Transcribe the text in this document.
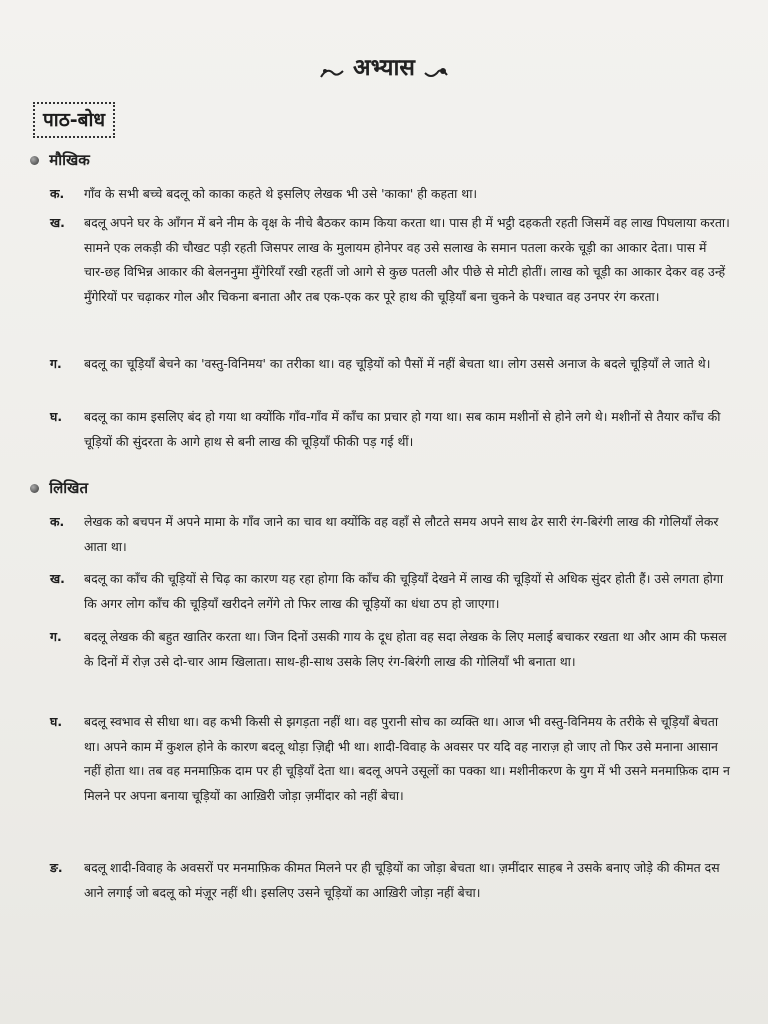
अभ्यास
पाठ-बोध
मौखिक
क.	गाँव के सभी बच्चे बदलू को काका कहते थे इसलिए लेखक भी उसे 'काका' ही कहता था।
ख.	बदलू अपने घर के आँगन में बने नीम के वृक्ष के नीचे बैठकर काम किया करता था। पास ही में भट्ठी दहकती रहती जिसमें वह लाख पिघलाया करता। सामने एक लकड़ी की चौखट पड़ी रहती जिसपर लाख के मुलायम होनेपर वह उसे सलाख के समान पतला करके चूड़ी का आकार देता। पास में चार-छह विभिन्न आकार की बेलननुमा मुँगेरियाँ रखी रहतीं जो आगे से कुछ पतली और पीछे से मोटी होतीं। लाख को चूड़ी का आकार देकर वह उन्हें मुँगेरियों पर चढ़ाकर गोल और चिकना बनाता और तब एक-एक कर पूरे हाथ की चूड़ियाँ बना चुकने के पश्चात वह उनपर रंग करता।
ग.	बदलू का चूड़ियाँ बेचने का 'वस्तु-विनिमय' का तरीका था। वह चूड़ियों को पैसों में नहीं बेचता था। लोग उससे अनाज के बदले चूड़ियाँ ले जाते थे।
घ.	बदलू का काम इसलिए बंद हो गया था क्योंकि गाँव-गाँव में काँच का प्रचार हो गया था। सब काम मशीनों से होने लगे थे। मशीनों से तैयार काँच की चूड़ियों की सुंदरता के आगे हाथ से बनी लाख की चूड़ियाँ फीकी पड़ गई थीं।
लिखित
क.	लेखक को बचपन में अपने मामा के गाँव जाने का चाव था क्योंकि वह वहाँ से लौटते समय अपने साथ ढेर सारी रंग-बिरंगी लाख की गोलियाँ लेकर आता था।
ख.	बदलू का काँच की चूड़ियों से चिढ़ का कारण यह रहा होगा कि काँच की चूड़ियाँ देखने में लाख की चूड़ियों से अधिक सुंदर होती हैं। उसे लगता होगा कि अगर लोग काँच की चूड़ियाँ खरीदने लगेंगे तो फिर लाख की चूड़ियों का धंधा ठप हो जाएगा।
ग.	बदलू लेखक की बहुत खातिर करता था। जिन दिनों उसकी गाय के दूध होता वह सदा लेखक के लिए मलाई बचाकर रखता था और आम की फसल के दिनों में रोज़ उसे दो-चार आम खिलाता। साथ-ही-साथ उसके लिए रंग-बिरंगी लाख की गोलियाँ भी बनाता था।
घ.	बदलू स्वभाव से सीधा था। वह कभी किसी से झगड़ता नहीं था। वह पुरानी सोच का व्यक्ति था। आज भी वस्तु-विनिमय के तरीके से चूड़ियाँ बेचता था। अपने काम में कुशल होने के कारण बदलू थोड़ा ज़िद्दी भी था। शादी-विवाह के अवसर पर यदि वह नाराज़ हो जाए तो फिर उसे मनाना आसान नहीं होता था। तब वह मनमाफ़िक दाम पर ही चूड़ियाँ देता था। बदलू अपने उसूलों का पक्का था। मशीनीकरण के युग में भी उसने मनमाफ़िक दाम न मिलने पर अपना बनाया चूड़ियों का आख़िरी जोड़ा ज़मींदार को नहीं बेचा।
ङ.	बदलू शादी-विवाह के अवसरों पर मनमाफ़िक कीमत मिलने पर ही चूड़ियों का जोड़ा बेचता था। ज़मींदार साहब ने उसके बनाए जोड़े की कीमत दस आने लगाई जो बदलू को मंज़ूर नहीं थी। इसलिए उसने चूड़ियों का आख़िरी जोड़ा नहीं बेचा।
